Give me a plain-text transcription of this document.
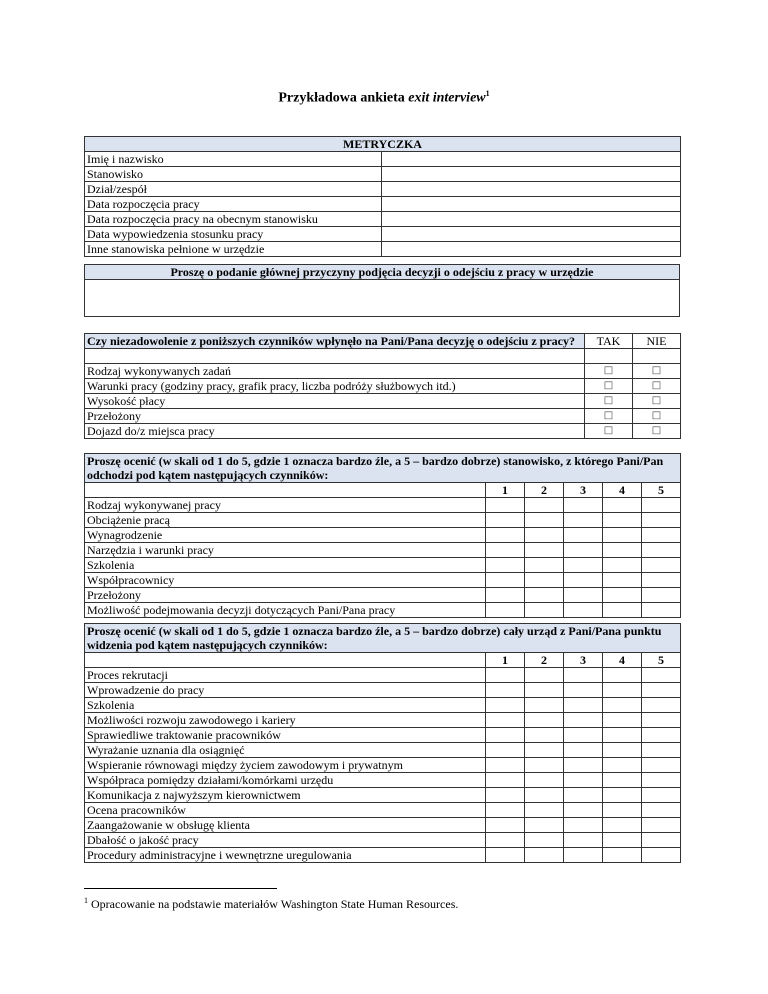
Przykładowa ankieta exit interview$^1$
METRYCZKA	
Imię i nazwisko	
Stanowisko	
Dział/zespół	
Data rozpoczęcia pracy	
Data rozpoczęcia pracy na obecnym stanowisku	
Data wypowiedzenia stosunku pracy	
Inne stanowiska pełnione w urzędzie	
Proszę o podanie głównej przyczyny podjęcia decyzji o odejściu z pracy w urzędzie

Czy niezadowolenie z poniższych czynników wpłynęło na Pani/Pana decyzję o odejściu z pracy?	TAK	NIE

Rodzaj wykonywanych zadań	□	□
Warunki pracy (godziny pracy, grafik pracy, liczba podróży służbowych itd.)	□	□
Wysokość płacy	□	□
Przełożony	□	□
Dojazd do/z miejsca pracy	□	□
Proszę ocenić (w skali od 1 do 5, gdzie 1 oznacza bardzo źle, a 5 – bardzo dobrze) stanowisko, z którego Pani/Pan odchodzi pod kątem następujących czynników:					
	1	2	3	4	5
Rodzaj wykonywanej pracy					
Obciążenie pracą					
Wynagrodzenie					
Narzędzia i warunki pracy					
Szkolenia					
Współpracownicy					
Przełożony					
Możliwość podejmowania decyzji dotyczących Pani/Pana pracy					
Proszę ocenić (w skali od 1 do 5, gdzie 1 oznacza bardzo źle, a 5 – bardzo dobrze) cały urząd z Pani/Pana punktu widzenia pod kątem następujących czynników:					
	1	2	3	4	5
Proces rekrutacji					
Wprowadzenie do pracy					
Szkolenia					
Możliwości rozwoju zawodowego i kariery					
Sprawiedliwe traktowanie pracowników					
Wyrażanie uznania dla osiągnięć					
Wspieranie równowagi między życiem zawodowym i prywatnym					
Współpraca pomiędzy działami/komórkami urzędu					
Komunikacja z najwyższym kierownictwem					
Ocena pracowników					
Zaangażowanie w obsługę klienta					
Dbałość o jakość pracy					
Procedury administracyjne i wewnętrzne uregulowania					
$^1$ Opracowanie na podstawie materiałów Washington State Human Resources.
